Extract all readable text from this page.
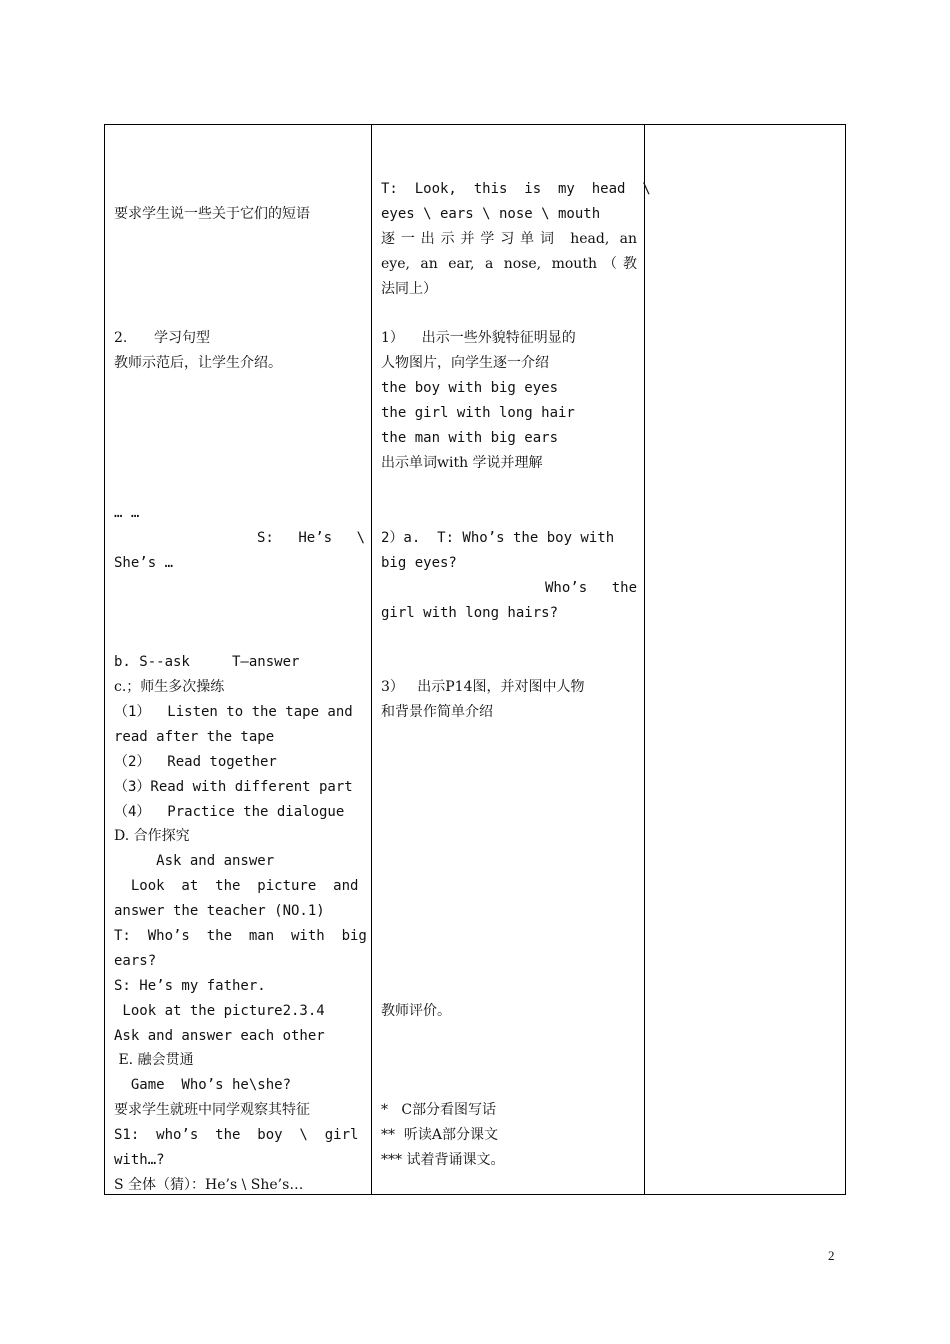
要求学生说一些关于它们的短语
2.      学习句型
教师示范后，让学生介绍。
… …
S: He’s \
She’s …
b. S--ask     T—answer
c.；师生多次操练
（1）  Listen to the tape and
read after the tape
（2）  Read together
（3）Read with different part
（4）  Practice the dialogue
D. 合作探究
Ask and answer
Look  at  the  picture  and
answer the teacher (NO.1)
T:  Who’s  the  man  with  big
ears?
S: He’s my father.
Look at the picture2.3.4
Ask and answer each other
E. 融会贯通
Game  Who’s he\she?
要求学生就班中同学观察其特征
S1:  who’s  the  boy  \  girl
with…?
S 全体（猜）：He’s \ She’s…
T:  Look,  this  is  my  head  \
eyes \ ears \ nose \ mouth
逐一出示并学习单词 head, an
eye, an ear, a nose, mouth（教
法同上）
1）    出示一些外貌特征明显的
人物图片，向学生逐一介绍
the boy with big eyes
the girl with long hair
the man with big ears
出示单词with 学说并理解
2）a.  T: Who’s the boy with
big eyes?
Who’s the
girl with long hairs?
3）   出示P14图，并对图中人物
和背景作简单介绍
教师评价。
*   C部分看图写话
**  听读A部分课文
*** 试着背诵课文。
2
